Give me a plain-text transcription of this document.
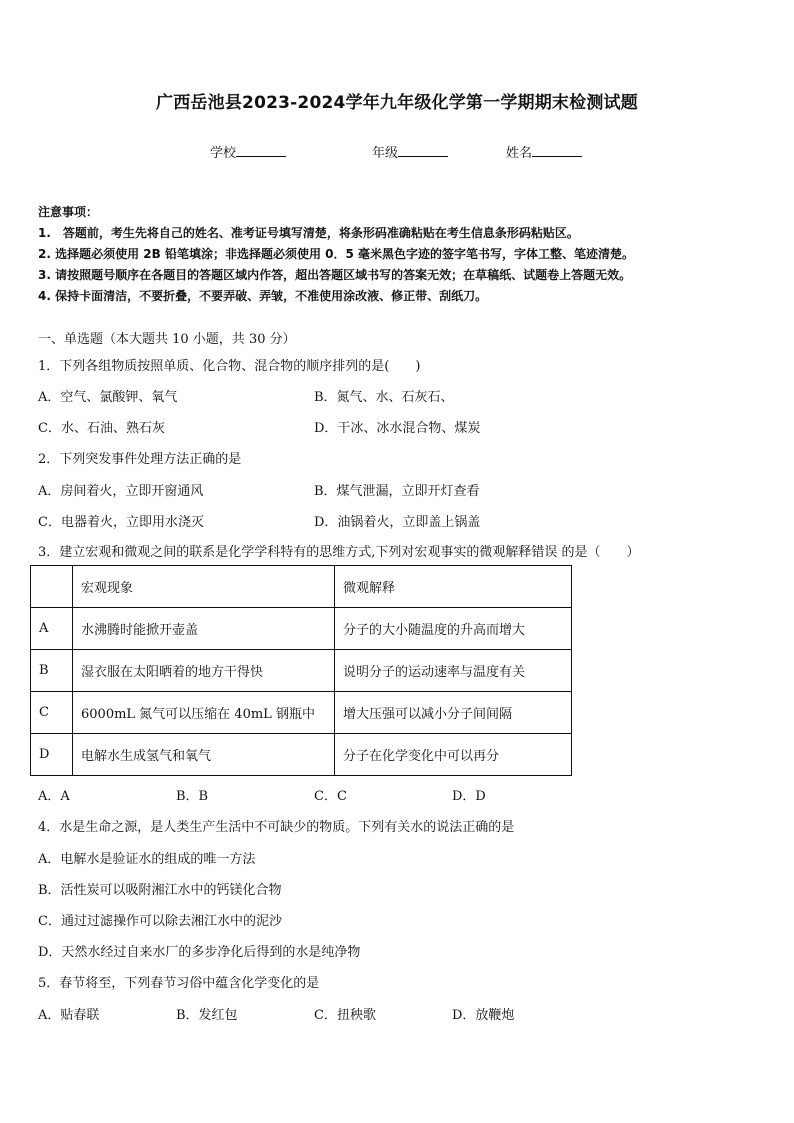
广西岳池县2023-2024学年九年级化学第一学期期末检测试题
学校	年级	姓名
注意事项：
1.　答题前，考生先将自己的姓名、准考证号填写清楚，将条形码准确粘贴在考生信息条形码粘贴区。
2. 选择题必须使用 2B 铅笔填涂；非选择题必须使用 0．5 毫米黑色字迹的签字笔书写，字体工整、笔迹清楚。
3. 请按照题号顺序在各题目的答题区域内作答，超出答题区域书写的答案无效；在草稿纸、试题卷上答题无效。
4. 保持卡面清洁，不要折叠，不要弄破、弄皱，不准使用涂改液、修正带、刮纸刀。
一、单选题（本大题共 10 小题，共 30 分）
1．下列各组物质按照单质、化合物、混合物的顺序排列的是(　　)
A．空气、氯酸钾、氧气	B．氮气、水、石灰石、
C．水、石油、熟石灰	D．干冰、冰水混合物、煤炭
2．下列突发事件处理方法正确的是
A．房间着火，立即开窗通风	B．煤气泄漏，立即开灯查看
C．电器着火，立即用水浇灭	D．油锅着火，立即盖上锅盖
3．建立宏观和微观之间的联系是化学学科特有的思维方式,下列对宏观事实的微观解释错误 的是（　　）
	宏观现象	微观解释
A	水沸腾时能掀开壶盖	分子的大小随温度的升高而增大
B	湿衣服在太阳晒着的地方干得快	说明分子的运动速率与温度有关
C	6000mL 氮气可以压缩在 40mL 钢瓶中	增大压强可以减小分子间间隔
D	电解水生成氢气和氧气	分子在化学变化中可以再分
A．A	B．B	C．C	D．D
4．水是生命之源，是人类生产生活中不可缺少的物质。下列有关水的说法正确的是
A．电解水是验证水的组成的唯一方法
B．活性炭可以吸附湘江水中的钙镁化合物
C．通过过滤操作可以除去湘江水中的泥沙
D．天然水经过自来水厂的多步净化后得到的水是纯净物
5．春节将至，下列春节习俗中蕴含化学变化的是
A．贴春联	B．发红包	C．扭秧歌	D．放鞭炮
